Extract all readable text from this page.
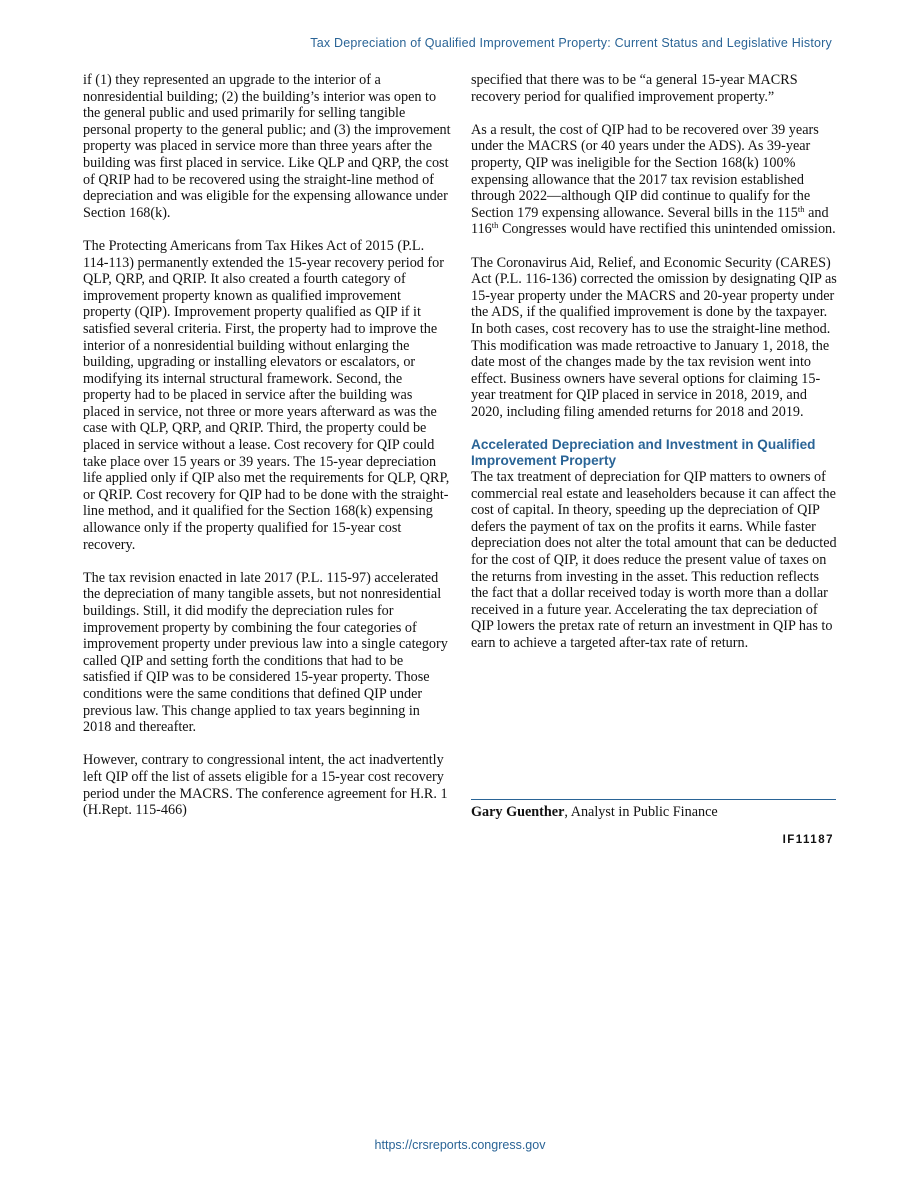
Tax Depreciation of Qualified Improvement Property: Current Status and Legislative History

if (1) they represented an upgrade to the interior of a nonresidential building; (2) the building’s interior was open to the general public and used primarily for selling tangible personal property to the general public; and (3) the improvement property was placed in service more than three years after the building was first placed in service. Like QLP and QRP, the cost of QRIP had to be recovered using the straight-line method of depreciation and was eligible for the expensing allowance under Section 168(k).

The Protecting Americans from Tax Hikes Act of 2015 (P.L. 114-113) permanently extended the 15-year recovery period for QLP, QRP, and QRIP. It also created a fourth category of improvement property known as qualified improvement property (QIP). Improvement property qualified as QIP if it satisfied several criteria. First, the property had to improve the interior of a nonresidential building without enlarging the building, upgrading or installing elevators or escalators, or modifying its internal structural framework. Second, the property had to be placed in service after the building was placed in service, not three or more years afterward as was the case with QLP, QRP, and QRIP. Third, the property could be placed in service without a lease. Cost recovery for QIP could take place over 15 years or 39 years. The 15-year depreciation life applied only if QIP also met the requirements for QLP, QRP, or QRIP. Cost recovery for QIP had to be done with the straight-line method, and it qualified for the Section 168(k) expensing allowance only if the property qualified for 15-year cost recovery.

The tax revision enacted in late 2017 (P.L. 115-97) accelerated the depreciation of many tangible assets, but not nonresidential buildings. Still, it did modify the depreciation rules for improvement property by combining the four categories of improvement property under previous law into a single category called QIP and setting forth the conditions that had to be satisfied if QIP was to be considered 15-year property. Those conditions were the same conditions that defined QIP under previous law. This change applied to tax years beginning in 2018 and thereafter.

However, contrary to congressional intent, the act inadvertently left QIP off the list of assets eligible for a 15-year cost recovery period under the MACRS. The conference agreement for H.R. 1 (H.Rept. 115-466)

specified that there was to be “a general 15-year MACRS recovery period for qualified improvement property.”

As a result, the cost of QIP had to be recovered over 39 years under the MACRS (or 40 years under the ADS). As 39-year property, QIP was ineligible for the Section 168(k) 100% expensing allowance that the 2017 tax revision established through 2022—although QIP did continue to qualify for the Section 179 expensing allowance. Several bills in the 115th and 116th Congresses would have rectified this unintended omission.

The Coronavirus Aid, Relief, and Economic Security (CARES) Act (P.L. 116-136) corrected the omission by designating QIP as 15-year property under the MACRS and 20-year property under the ADS, if the qualified improvement is done by the taxpayer. In both cases, cost recovery has to use the straight-line method. This modification was made retroactive to January 1, 2018, the date most of the changes made by the tax revision went into effect. Business owners have several options for claiming 15-year treatment for QIP placed in service in 2018, 2019, and 2020, including filing amended returns for 2018 and 2019.

Accelerated Depreciation and Investment in Qualified Improvement Property

The tax treatment of depreciation for QIP matters to owners of commercial real estate and leaseholders because it can affect the cost of capital. In theory, speeding up the depreciation of QIP defers the payment of tax on the profits it earns. While faster depreciation does not alter the total amount that can be deducted for the cost of QIP, it does reduce the present value of taxes on the returns from investing in the asset. This reduction reflects the fact that a dollar received today is worth more than a dollar received in a future year. Accelerating the tax depreciation of QIP lowers the pretax rate of return an investment in QIP has to earn to achieve a targeted after-tax rate of return.

Gary Guenther, Analyst in Public Finance
IF11187
https://crsreports.congress.gov
